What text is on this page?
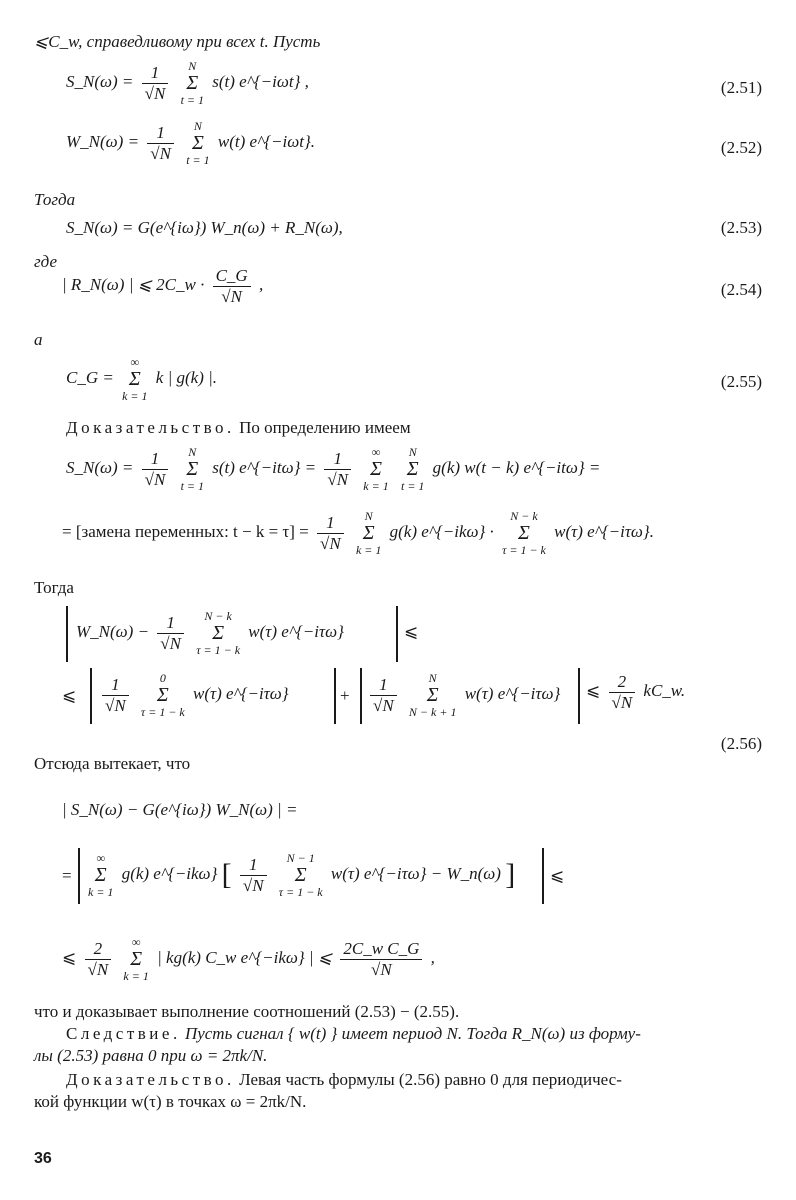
⩽C_w, справедливому при всех t. Пусть
S_N(ω) = $\frac{1}{√N}$ N
Σ
t = 1 s(t) e^{−iωt} ,	(2.51)
W_N(ω) = $\frac{1}{√N}$ N
Σ
t = 1 w(t) e^{−iωt}.	(2.52)
Тогда
S_N(ω) = G(e^{iω}) W_n(ω) + R_N(ω),	(2.53)
где
| R_N(ω) | ⩽ 2C_w · $\frac{C\_G}{√N}$ ,	(2.54)
а
C_G = ∞
Σ
k = 1 k | g(k) |.	(2.55)
Доказательство. По определению имеем
S_N(ω) = $\frac{1}{√N}$ N
Σ
t = 1 s(t) e^{−itω} = $\frac{1}{√N}$ ∞
Σ
k = 1 N
Σ
t = 1 g(k) w(t − k) e^{−itω} =
= [замена переменных: $t - k = \tau] = \frac{1}{√N}$ N
Σ
k = 1 g(k) e^{−ikω} · N − k
Σ
τ = 1 − k w(τ) e^{−iτω}.
Тогда
W_N(ω) − $\frac{1}{√N}$ N − k
Σ
τ = 1 − k w(τ) e^{−iτω}	⩽
⩽ $\frac{1}{√N}$	0
Σ
τ = 1 − k w(τ) e^{−iτω}	+ $\frac{1}{√N}$	N
Σ
N − k + 1 w(τ) e^{−iτω} ⩽ $\frac{2}{√N}$ kC_w.
(2.56)
Отсюда вытекает, что
| S_N(ω) − G(e^{iω}) W_N(ω) | =
=
∞
Σ
k = 1 g(k) e^{−ikω} [ $\frac{1}{√N}$ N − 1
Σ
τ = 1 − k w(τ) e^{−iτω} − W_n(ω) ] ⩽
⩽ $\frac{2}{√N}$ ∞
Σ
k = 1 | kg(k) C_w e^{−ikω} | ⩽ $\frac{\text{2C\_w C\_G}}{√N}$ ,
что и доказывает выполнение соотношений (2.53) − (2.55).
Следствие. Пусть сигнал { w(t) } имеет период N. Тогда R_N(ω) из форму-
лы (2.53) равна 0 при ω = 2πk/N.
Доказательство. Левая часть формулы (2.56) равно 0 для периодичес-
кой функции w(τ) в точках ω = 2πk/N.
36
